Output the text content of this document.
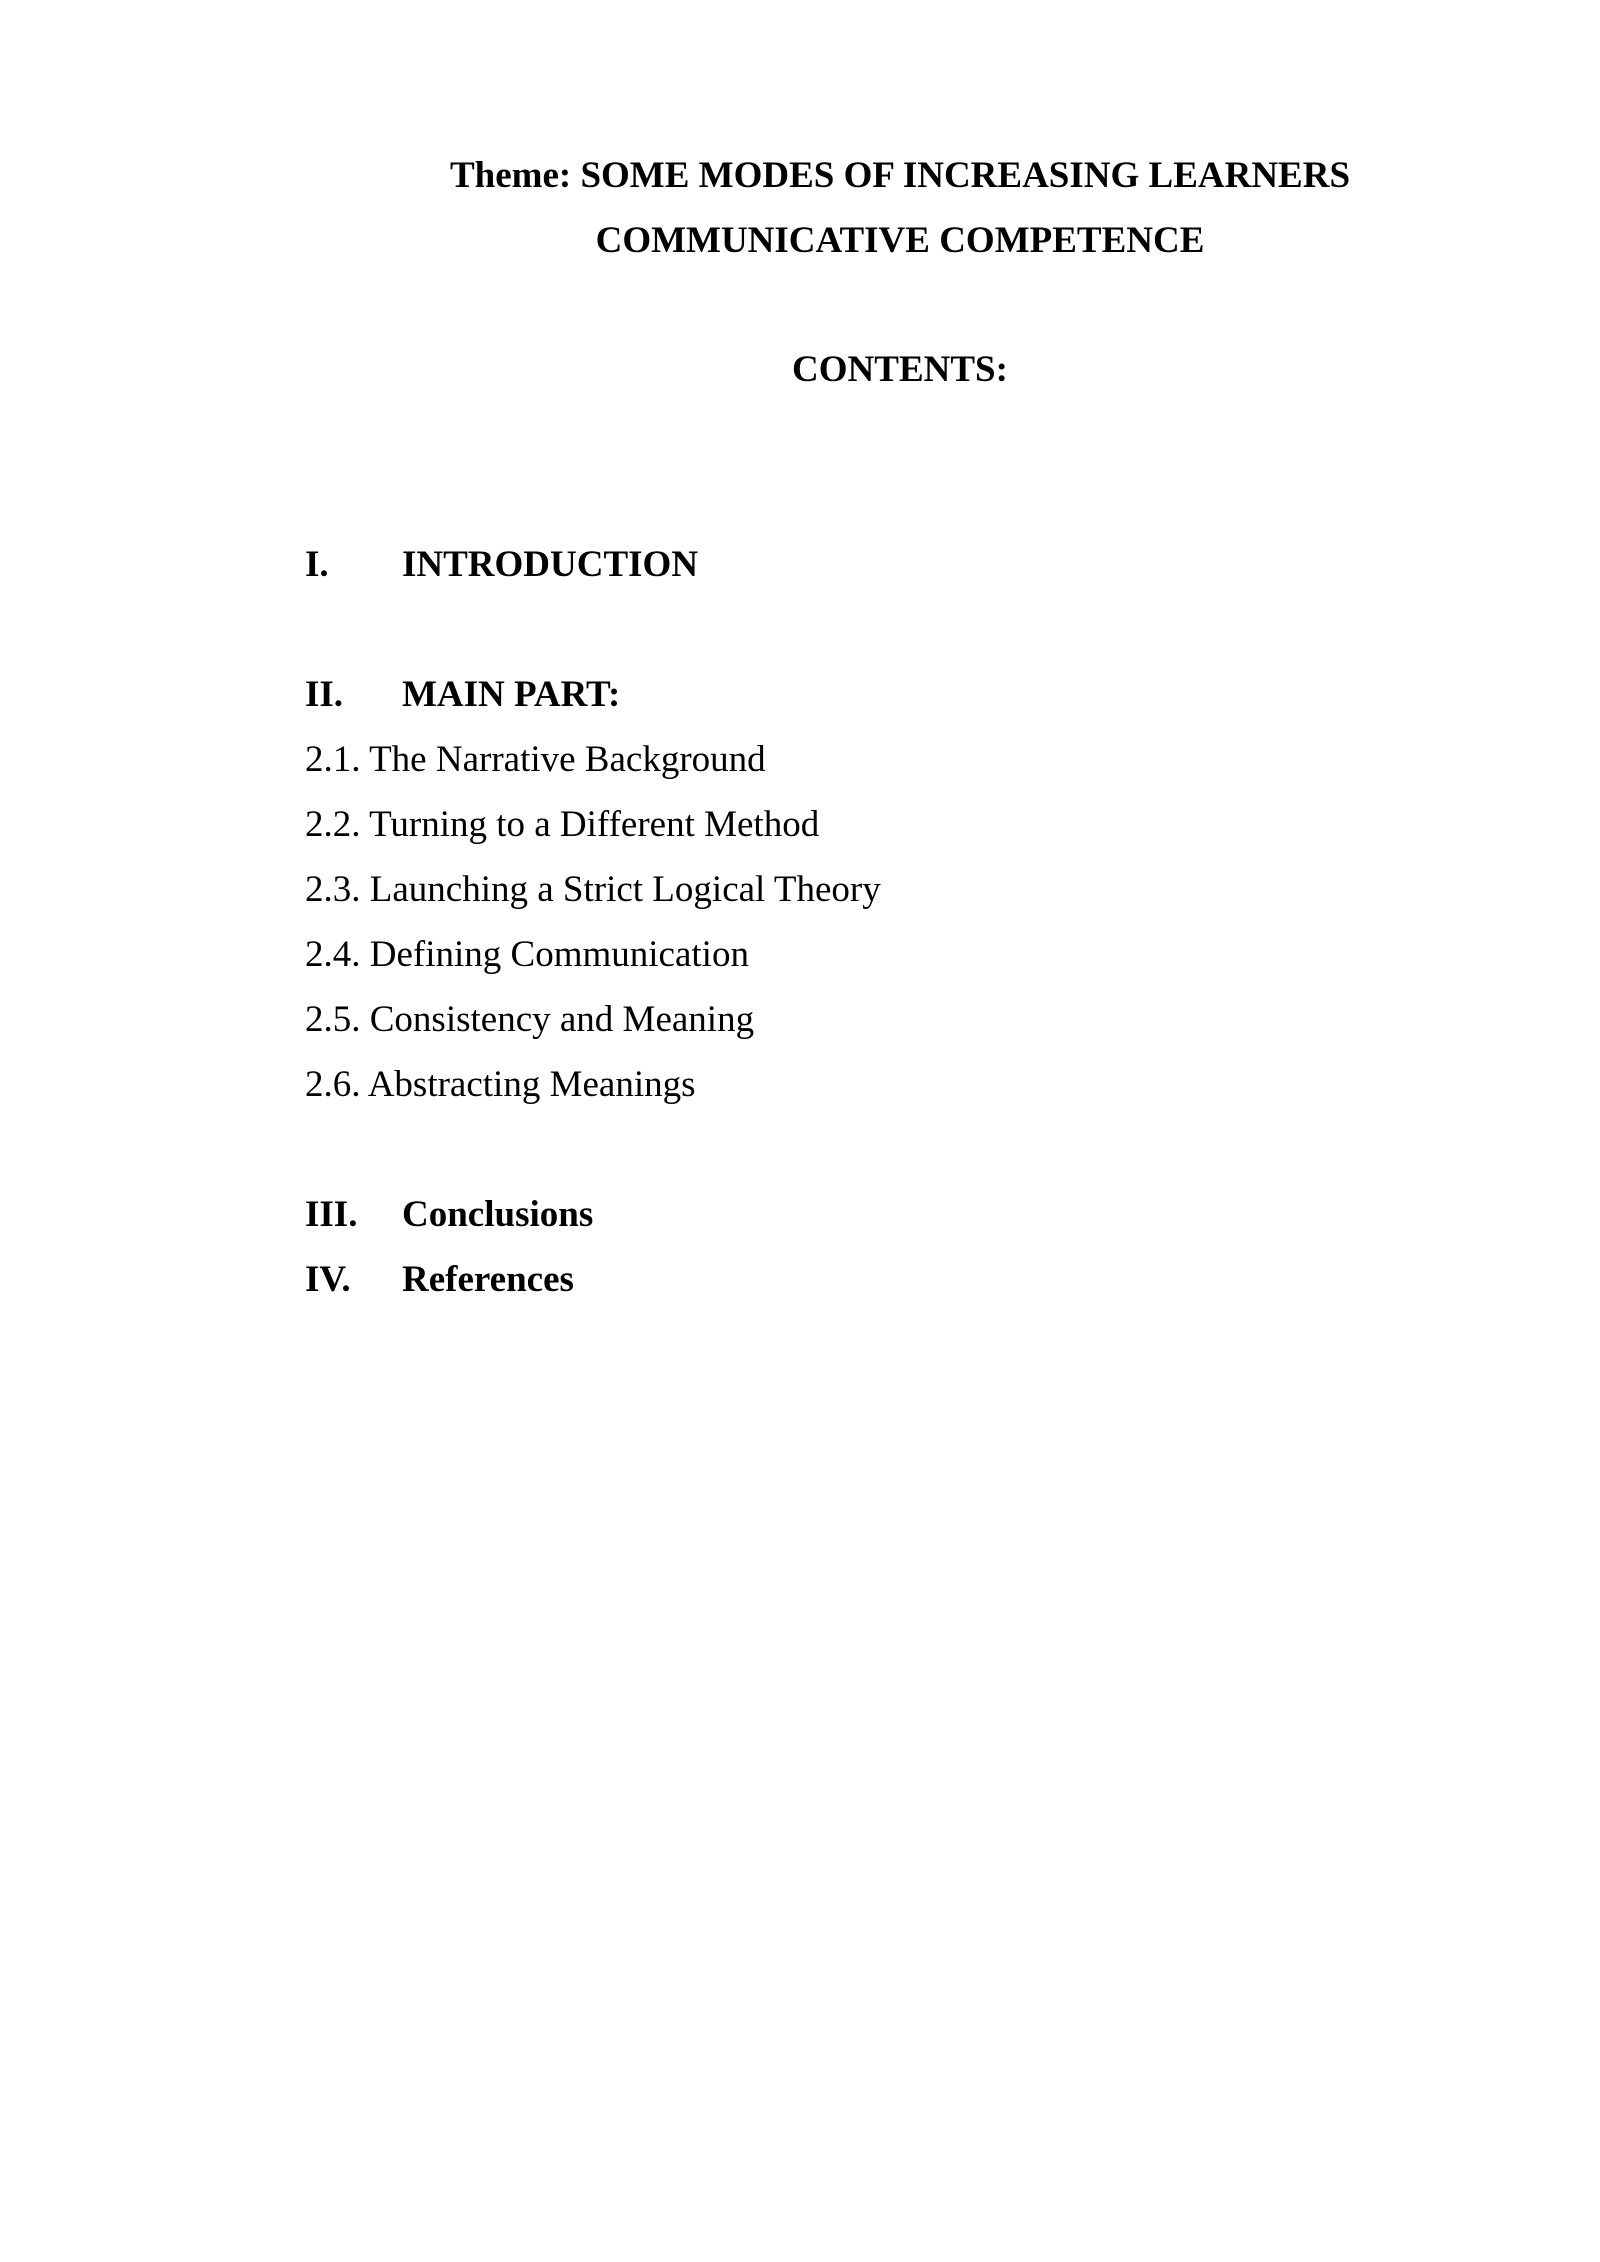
Theme: SOME MODES OF INCREASING LEARNERS
COMMUNICATIVE COMPETENCE
CONTENTS:
I. INTRODUCTION
II. MAIN PART:
2.1. The Narrative Background
2.2. Turning to a Different Method
2.3. Launching a Strict Logical Theory
2.4. Defining Communication
2.5. Consistency and Meaning
2.6. Abstracting Meanings
III. Conclusions
IV. References
